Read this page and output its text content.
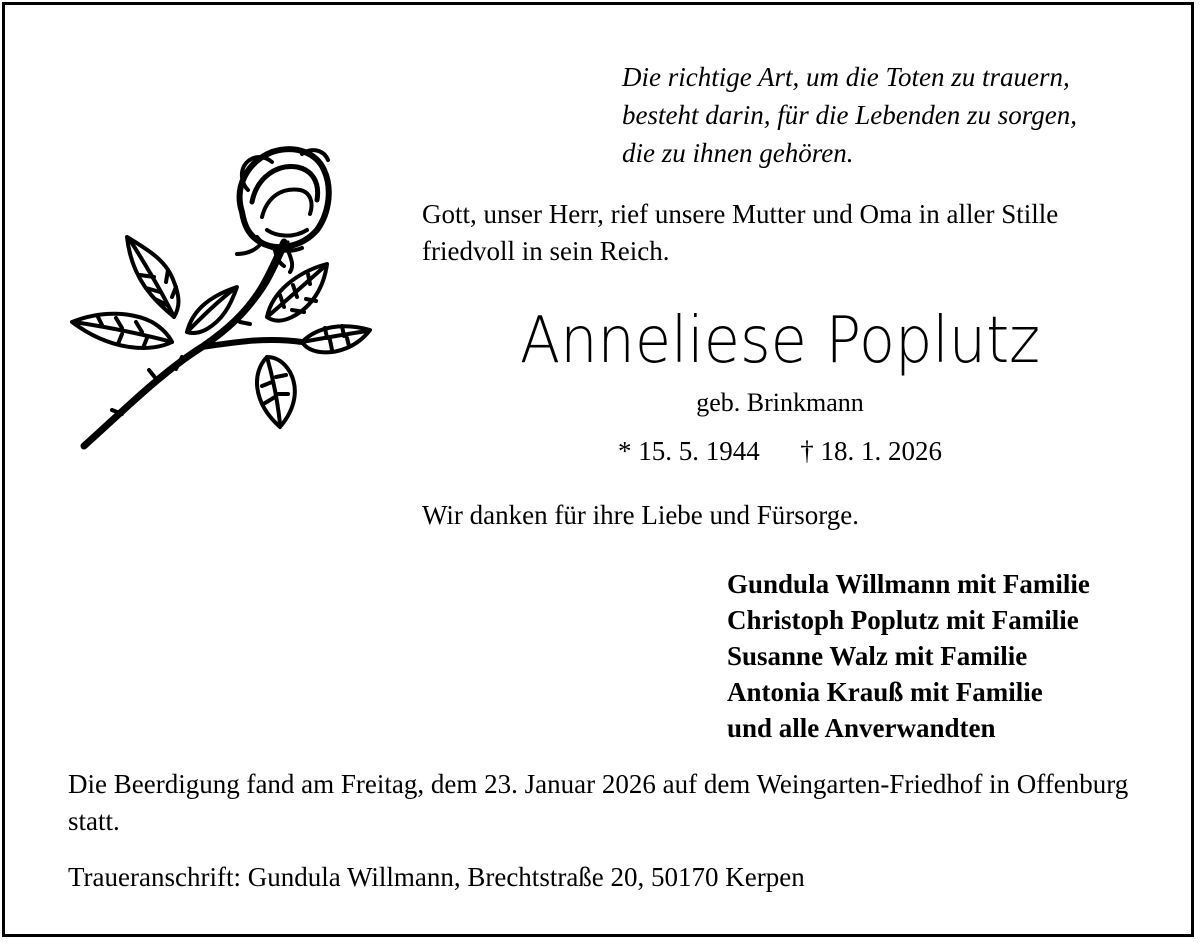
Die richtige Art, um die Toten zu trauern,
besteht darin, für die Lebenden zu sorgen,
die zu ihnen gehören.
Gott, unser Herr, rief unsere Mutter und Oma in aller Stille
friedvoll in sein Reich.
Anneliese Poplutz
geb. Brinkmann
* 15. 5. 1944 † 18. 1. 2026
Wir danken für ihre Liebe und Fürsorge.
Gundula Willmann mit Familie
Christoph Poplutz mit Familie
Susanne Walz mit Familie
Antonia Krauß mit Familie
und alle Anverwandten
Die Beerdigung fand am Freitag, dem 23. Januar 2026 auf dem Weingarten-Friedhof in Offenburg statt.
Traueranschrift: Gundula Willmann, Brechtstraße 20, 50170 Kerpen
